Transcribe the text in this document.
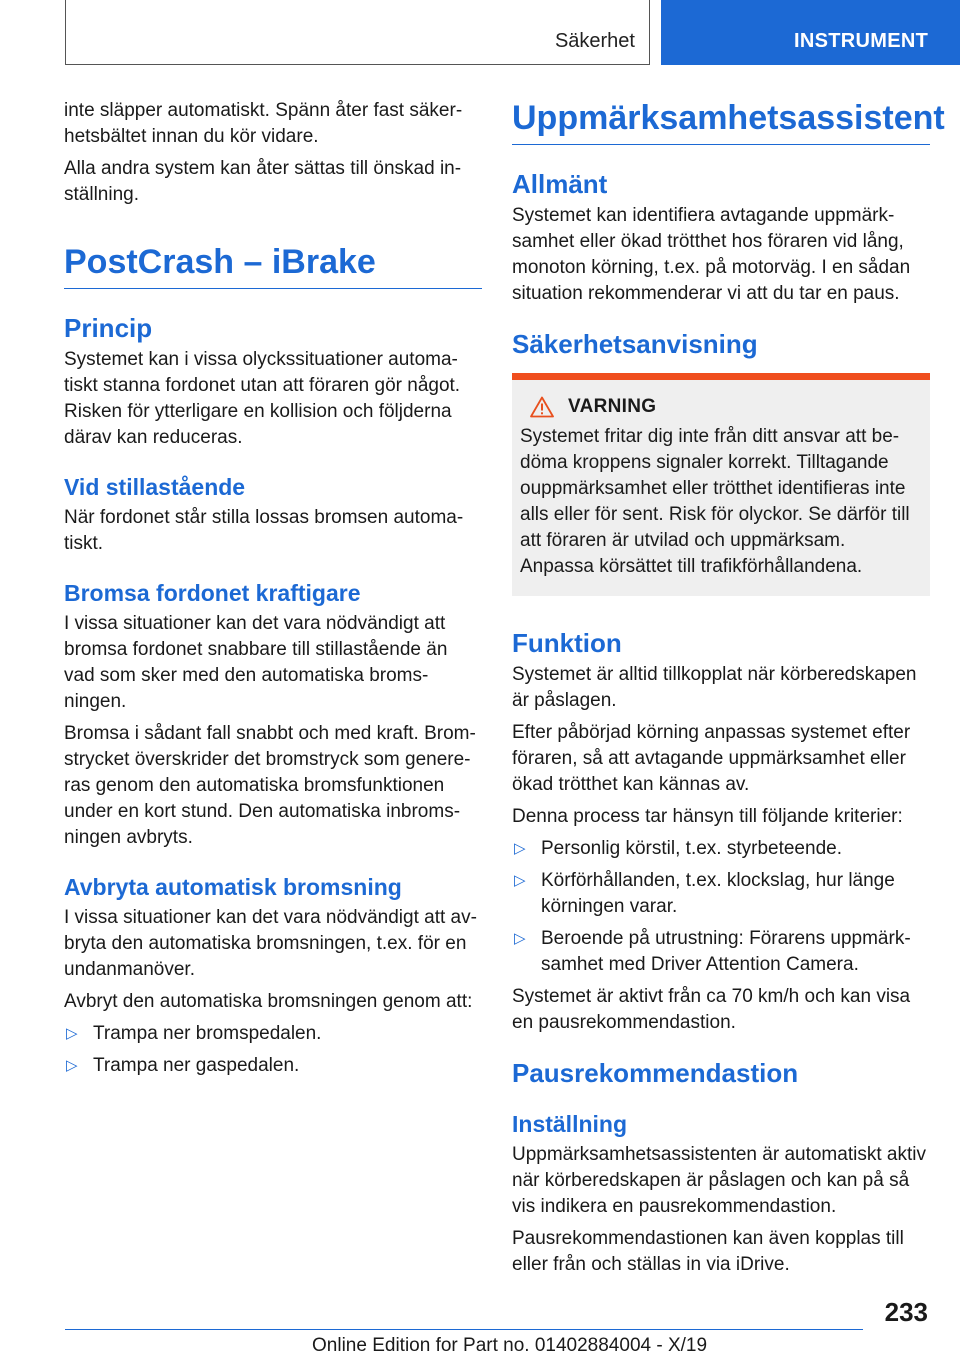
Säkerhet	INSTRUMENT

inte släpper automatiskt. Spänn åter fast säker-hetsbältet innan du kör vidare.

Alla andra system kan åter sättas till önskad in-ställning.

PostCrash – iBrake
Princip

Systemet kan i vissa olyckssituationer automa-tiskt stanna fordonet utan att föraren gör något. Risken för ytterligare en kollision och följderna därav kan reduceras.

Vid stillastående

När fordonet står stilla lossas bromsen automa-tiskt.

Bromsa fordonet kraftigare

I vissa situationer kan det vara nödvändigt att bromsa fordonet snabbare till stillastående än vad som sker med den automatiska broms-ningen.

Bromsa i sådant fall snabbt och med kraft. Brom-strycket överskrider det bromstryck som genere-ras genom den automatiska bromsfunktionen under en kort stund. Den automatiska inbroms-ningen avbryts.

Avbryta automatisk bromsning

I vissa situationer kan det vara nödvändigt att av-bryta den automatiska bromsningen, t.ex. för en undanmanöver.

Avbryt den automatiska bromsningen genom att:

▷ Trampa ner bromspedalen.
▷ Trampa ner gaspedalen.
Uppmärksamhetsassistent
Allmänt

Systemet kan identifiera avtagande uppmärk-samhet eller ökad trötthet hos föraren vid lång, monoton körning, t.ex. på motorväg. I en sådan situation rekommenderar vi att du tar en paus.

Säkerhetsanvisning
VARNING

Systemet fritar dig inte från ditt ansvar att be-döma kroppens signaler korrekt. Tilltagande ouppmärksamhet eller trötthet identifieras inte alls eller för sent. Risk för olyckor. Se därför till att föraren är utvilad och uppmärksam. Anpassa körsättet till trafikförhållandena.

Funktion

Systemet är alltid tillkopplat när körberedskapen är påslagen.

Efter påbörjad körning anpassas systemet efter föraren, så att avtagande uppmärksamhet eller ökad trötthet kan kännas av.

Denna process tar hänsyn till följande kriterier:

▷ Personlig körstil, t.ex. styrbeteende.
▷ Körförhållanden, t.ex. klockslag, hur länge körningen varar.
▷ Beroende på utrustning: Förarens uppmärk-samhet med Driver Attention Camera.

Systemet är aktivt från ca 70 km/h och kan visa en pausrekommendastion.

Pausrekommendastion
Inställning

Uppmärksamhetsassistenten är automatiskt aktiv när körberedskapen är påslagen och kan på så vis indikera en pausrekommendastion.

Pausrekommendastionen kan även kopplas till eller från och ställas in via iDrive.

233
Online Edition for Part no. 01402884004 - X/19
